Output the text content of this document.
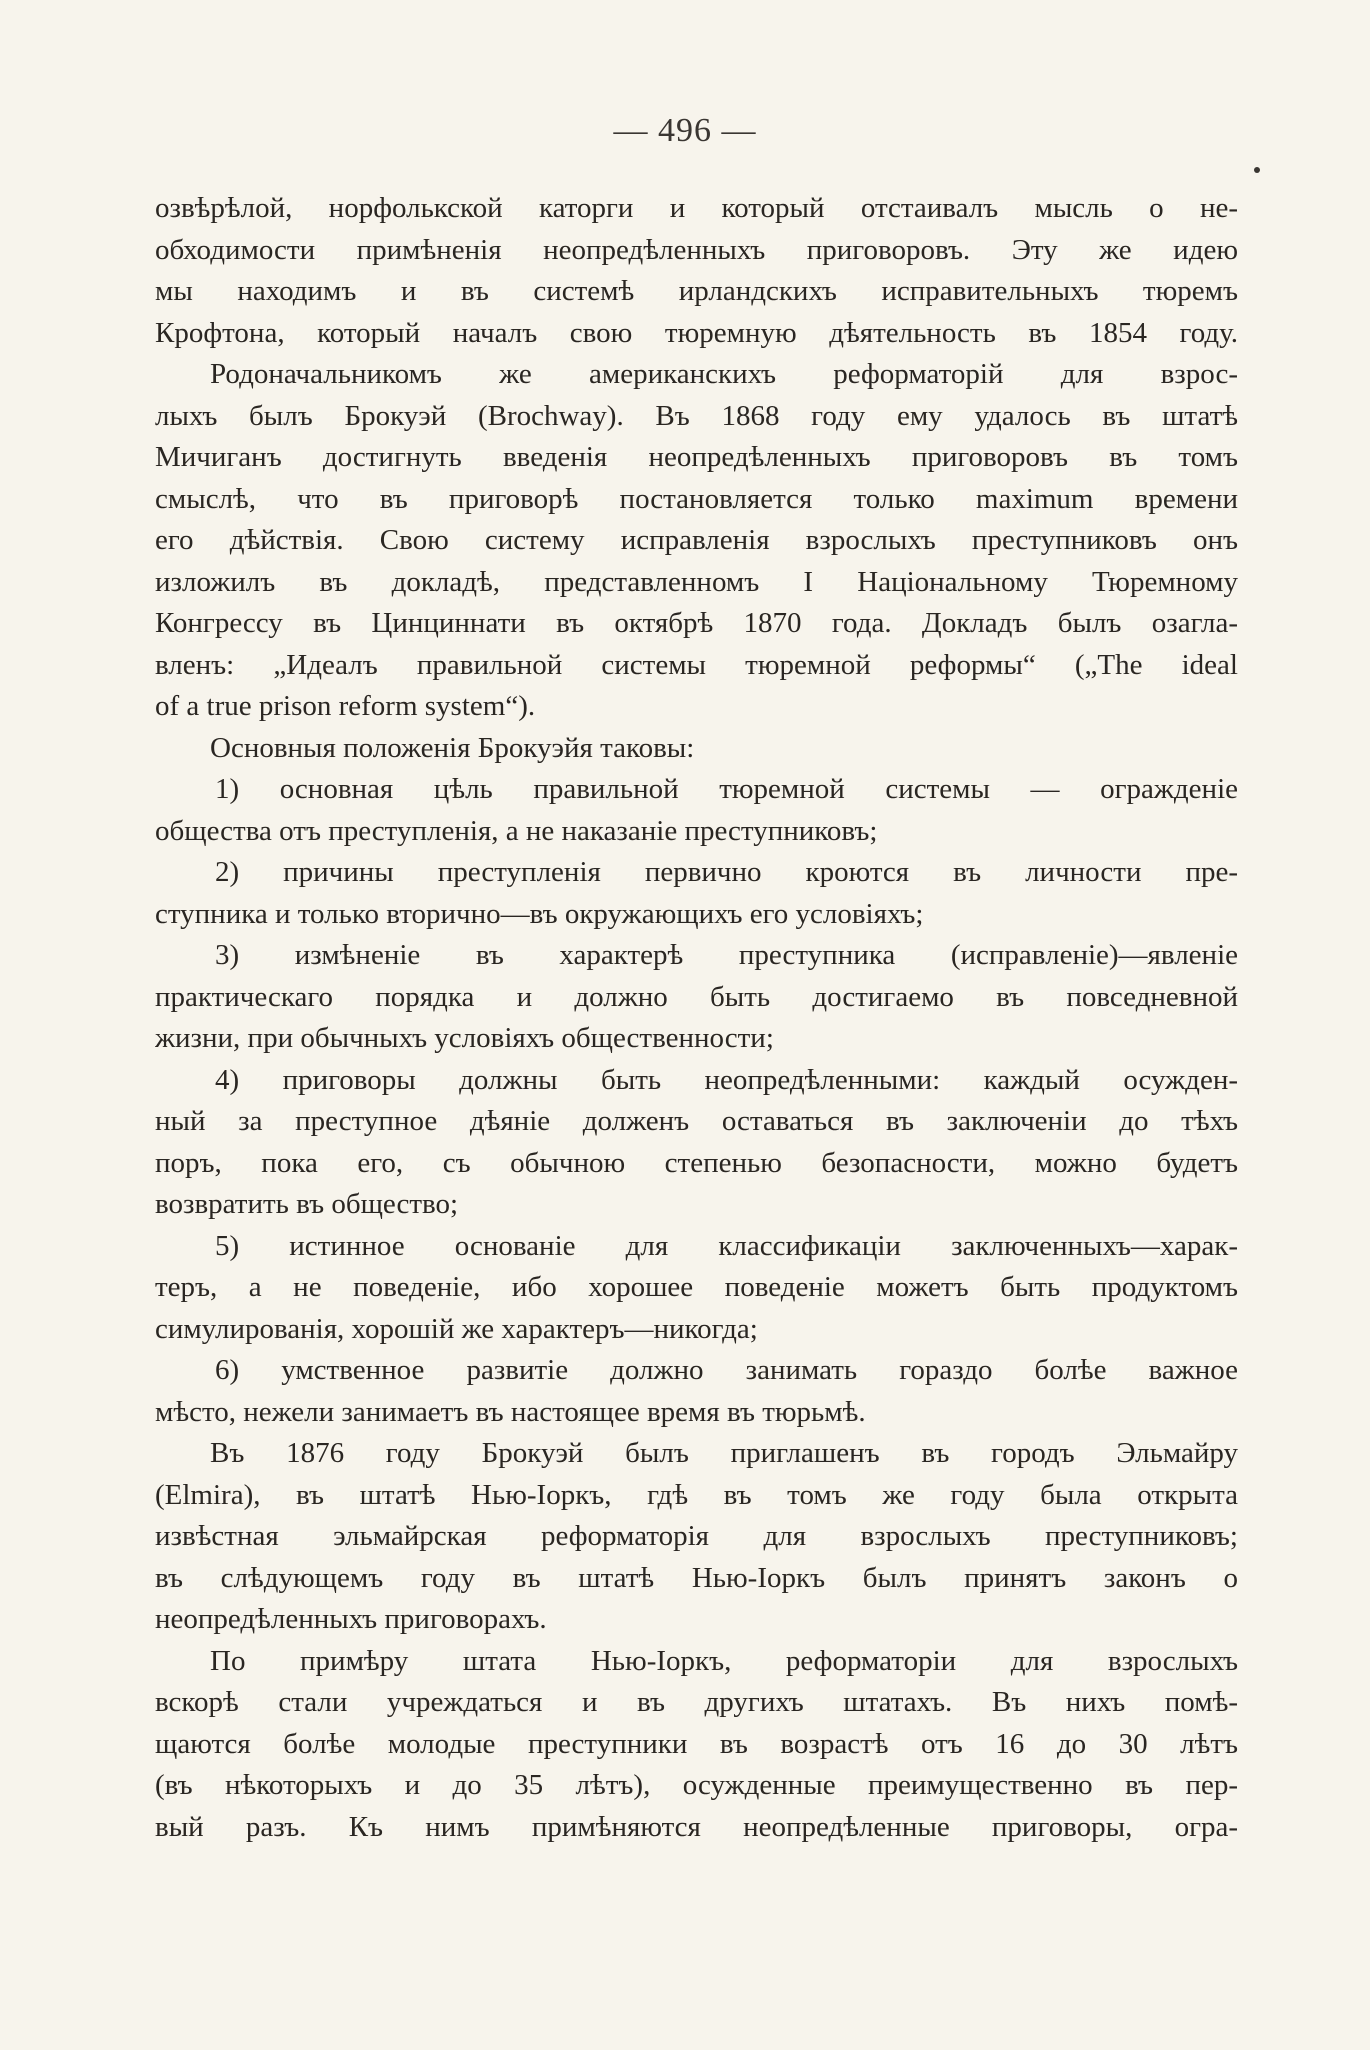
— 496 —
озвѣрѣлой, норфолькской каторги и который отстаивалъ мысль о не-
обходимости примѣненія неопредѣленныхъ приговоровъ. Эту же идею
мы находимъ и въ системѣ ирландскихъ исправительныхъ тюремъ
Крофтона, который началъ свою тюремную дѣятельность въ 1854 году.
Родоначальникомъ же американскихъ реформаторій для взрос-
лыхъ былъ Брокуэй (Brochway). Въ 1868 году ему удалось въ штатѣ
Мичиганъ достигнуть введенія неопредѣленныхъ приговоровъ въ томъ
смыслѣ, что въ приговорѣ постановляется только maximum времени
его дѣйствія. Свою систему исправленія взрослыхъ преступниковъ онъ
изложилъ въ докладѣ, представленномъ I Національному Тюремному
Конгрессу въ Цинциннати въ октябрѣ 1870 года. Докладъ былъ озагла-
вленъ: „Идеалъ правильной системы тюремной реформы“ („The ideal
of a true prison reform system“).
Основныя положенія Брокуэйя таковы:
1) основная цѣль правильной тюремной системы — огражденіе
общества отъ преступленія, а не наказаніе преступниковъ;
2) причины преступленія первично кроются въ личности пре-
ступника и только вторично—въ окружающихъ его условіяхъ;
3) измѣненіе въ характерѣ преступника (исправленіе)—явленіе
практическаго порядка и должно быть достигаемо въ повседневной
жизни, при обычныхъ условіяхъ общественности;
4) приговоры должны быть неопредѣленными: каждый осужден-
ный за преступное дѣяніе долженъ оставаться въ заключеніи до тѣхъ
поръ, пока его, съ обычною степенью безопасности, можно будетъ
возвратить въ общество;
5) истинное основаніе для классификаціи заключенныхъ—харак-
теръ, а не поведеніе, ибо хорошее поведеніе можетъ быть продуктомъ
симулированія, хорошій же характеръ—никогда;
6) умственное развитіе должно занимать гораздо болѣе важное
мѣсто, нежели занимаетъ въ настоящее время въ тюрьмѣ.
Въ 1876 году Брокуэй былъ приглашенъ въ городъ Эльмайру
(Elmira), въ штатѣ Нью-Іоркъ, гдѣ въ томъ же году была открыта
извѣстная эльмайрская реформаторія для взрослыхъ преступниковъ;
въ слѣдующемъ году въ штатѣ Нью-Іоркъ былъ принятъ законъ о
неопредѣленныхъ приговорахъ.
По примѣру штата Нью-Іоркъ, реформаторіи для взрослыхъ
вскорѣ стали учреждаться и въ другихъ штатахъ. Въ нихъ помѣ-
щаются болѣе молодые преступники въ возрастѣ отъ 16 до 30 лѣтъ
(въ нѣкоторыхъ и до 35 лѣтъ), осужденные преимущественно въ пер-
вый разъ. Къ нимъ примѣняются неопредѣленные приговоры, огра-
